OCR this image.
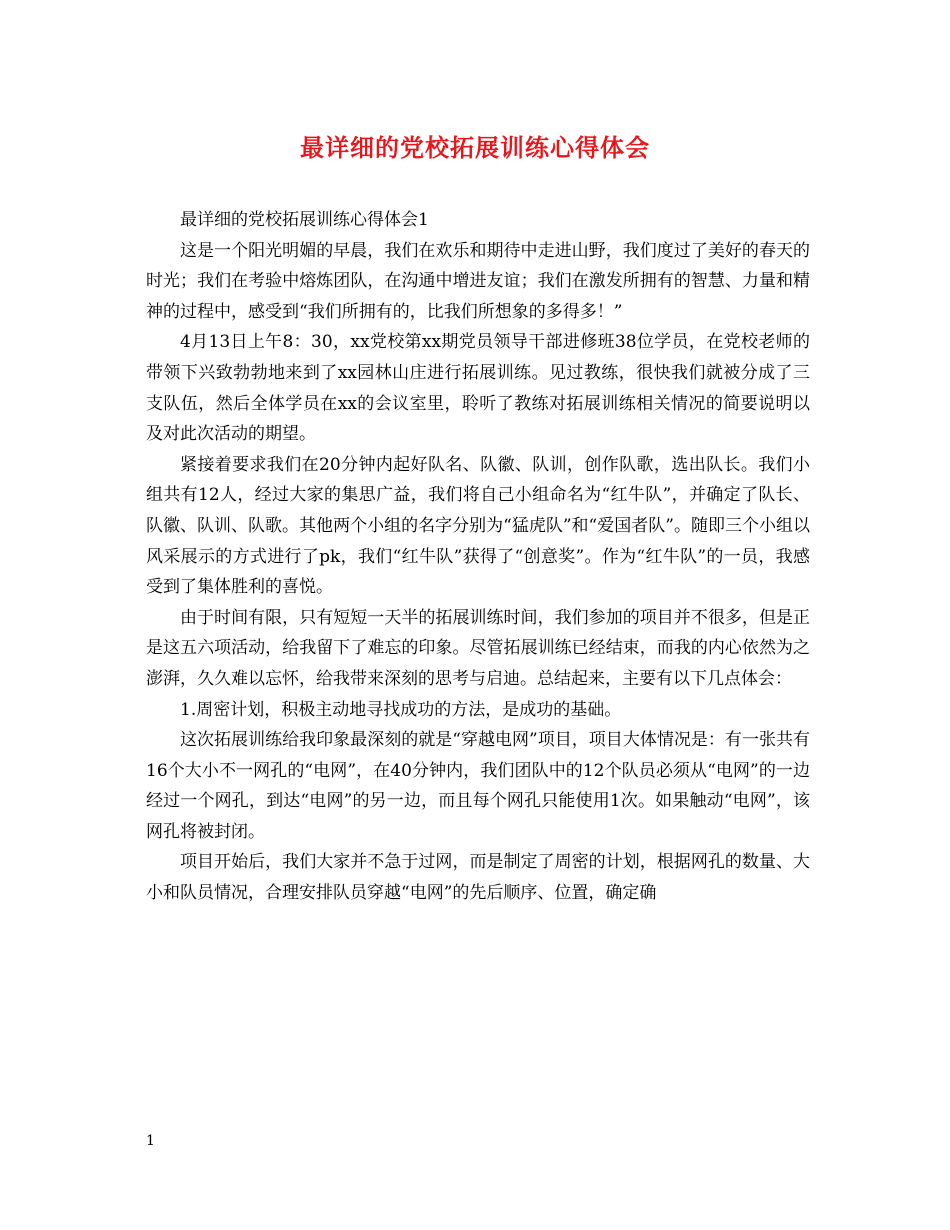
最详细的党校拓展训练心得体会

最详细的党校拓展训练心得体会1

这是一个阳光明媚的早晨，我们在欢乐和期待中走进山野，我们度过了美好的春天的时光；我们在考验中熔炼团队，在沟通中增进友谊；我们在激发所拥有的智慧、力量和精神的过程中，感受到“我们所拥有的，比我们所想象的多得多！”

4月13日上午8：30，xx党校第xx期党员领导干部进修班38位学员，在党校老师的带领下兴致勃勃地来到了xx园林山庄进行拓展训练。见过教练，很快我们就被分成了三支队伍，然后全体学员在xx的会议室里，聆听了教练对拓展训练相关情况的简要说明以及对此次活动的期望。

紧接着要求我们在20分钟内起好队名、队徽、队训，创作队歌，选出队长。我们小组共有12人，经过大家的集思广益，我们将自己小组命名为“红牛队”，并确定了队长、队徽、队训、队歌。其他两个小组的名字分别为“猛虎队”和“爱国者队”。随即三个小组以风采展示的方式进行了pk，我们“红牛队”获得了“创意奖”。作为“红牛队”的一员，我感受到了集体胜利的喜悦。

由于时间有限，只有短短一天半的拓展训练时间，我们参加的项目并不很多，但是正是这五六项活动，给我留下了难忘的印象。尽管拓展训练已经结束，而我的内心依然为之澎湃，久久难以忘怀，给我带来深刻的思考与启迪。总结起来，主要有以下几点体会：

1.周密计划，积极主动地寻找成功的方法，是成功的基础。

这次拓展训练给我印象最深刻的就是“穿越电网”项目，项目大体情况是：有一张共有16个大小不一网孔的“电网”，在40分钟内，我们团队中的12个队员必须从“电网”的一边经过一个网孔，到达“电网”的另一边，而且每个网孔只能使用1次。如果触动“电网”，该网孔将被封闭。

项目开始后，我们大家并不急于过网，而是制定了周密的计划，根据网孔的数量、大小和队员情况，合理安排队员穿越“电网”的先后顺序、位置，确定确

1
